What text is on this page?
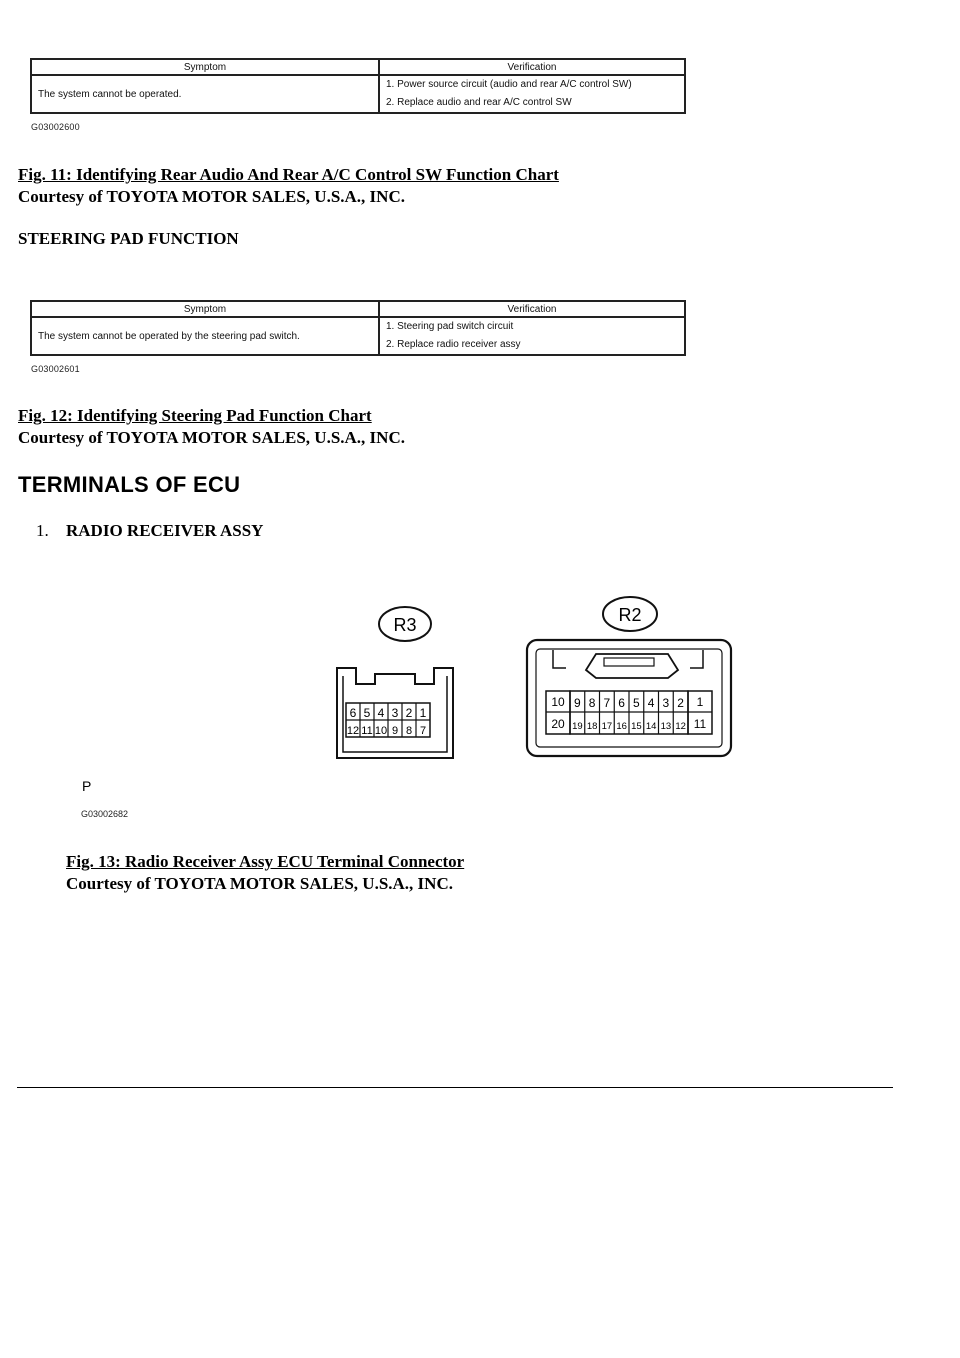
Symptom	Verification
The system cannot be operated.	1. Power source circuit (audio and rear A/C control SW)
2. Replace audio and rear A/C control SW
G03002600
Fig. 11: Identifying Rear Audio And Rear A/C Control SW Function Chart
Courtesy of TOYOTA MOTOR SALES, U.S.A., INC.
STEERING PAD FUNCTION
Symptom	Verification
The system cannot be operated by the steering pad switch.	1. Steering pad switch circuit
2. Replace radio receiver assy
G03002601
Fig. 12: Identifying Steering Pad Function Chart
Courtesy of TOYOTA MOTOR SALES, U.S.A., INC.
TERMINALS OF ECU
1. RADIO RECEIVER ASSY
R3
6 5 4 3 2 1
12 11 10 9 8 7
R2
10
20
1
11
9
19
8
18
7
17
6
16
5
15
4
14
3
13
2
12
P
G03002682
Fig. 13: Radio Receiver Assy ECU Terminal Connector
Courtesy of TOYOTA MOTOR SALES, U.S.A., INC.
